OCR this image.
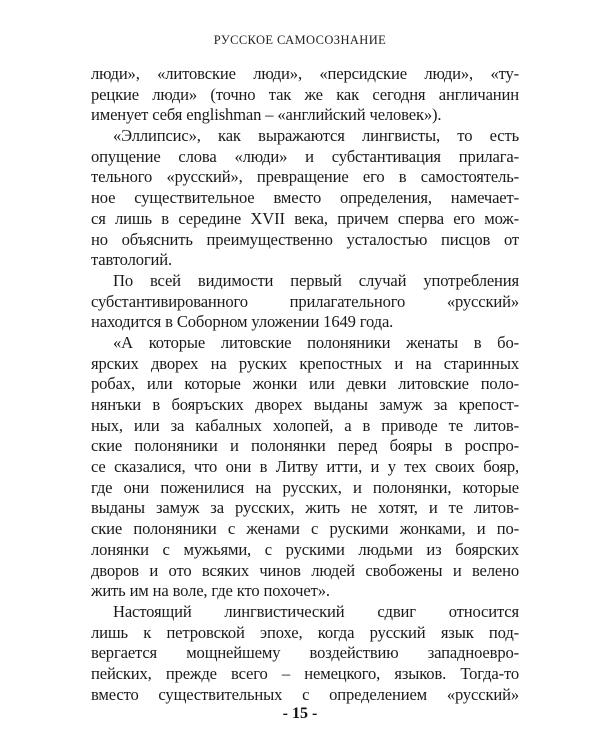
РУССКОЕ САМОСОЗНАНИЕ
люди», «литовские люди», «персидские люди», «ту-
рецкие люди» (точно так же как сегодня англичанин
именует себя englishman – «английский человек»).
«Эллипсис», как выражаются лингвисты, то есть
опущение слова «люди» и субстантивация прилага-
тельного «русский», превращение его в самостоятель-
ное существительное вместо определения, намечает-
ся лишь в середине XVII века, причем сперва его мож-
но объяснить преимущественно усталостью писцов от
тавтологий.
По всей видимости первый случай употребления
субстантивированного прилагательного «русский»
находится в Соборном уложении 1649 года.
«А которые литовские полоняники женаты в бо-
ярских дворех на руских крепостных и на старинных
робах, или которые жонки или девки литовские поло-
нянъки в бояръских дворех выданы замуж за крепост-
ных, или за кабалных холопей, а в приводе те литов-
ские полоняники и полонянки перед бояры в роспро-
се сказалися, что они в Литву итти, и у тех своих бояр,
где они поженилися на русских, и полонянки, которые
выданы замуж за русских, жить не хотят, и те литов-
ские полоняники с женами с рускими жонками, и по-
лонянки с мужьями, с рускими людьми из боярских
дворов и ото всяких чинов людей свобожены и велено
жить им на воле, где кто похочет».
Настоящий лингвистический сдвиг относится
лишь к петровской эпохе, когда русский язык под-
вергается мощнейшему воздействию западноевро-
пейских, прежде всего – немецкого, языков. Тогда-то
вместо существительных с определением «русский»
- 15 -
